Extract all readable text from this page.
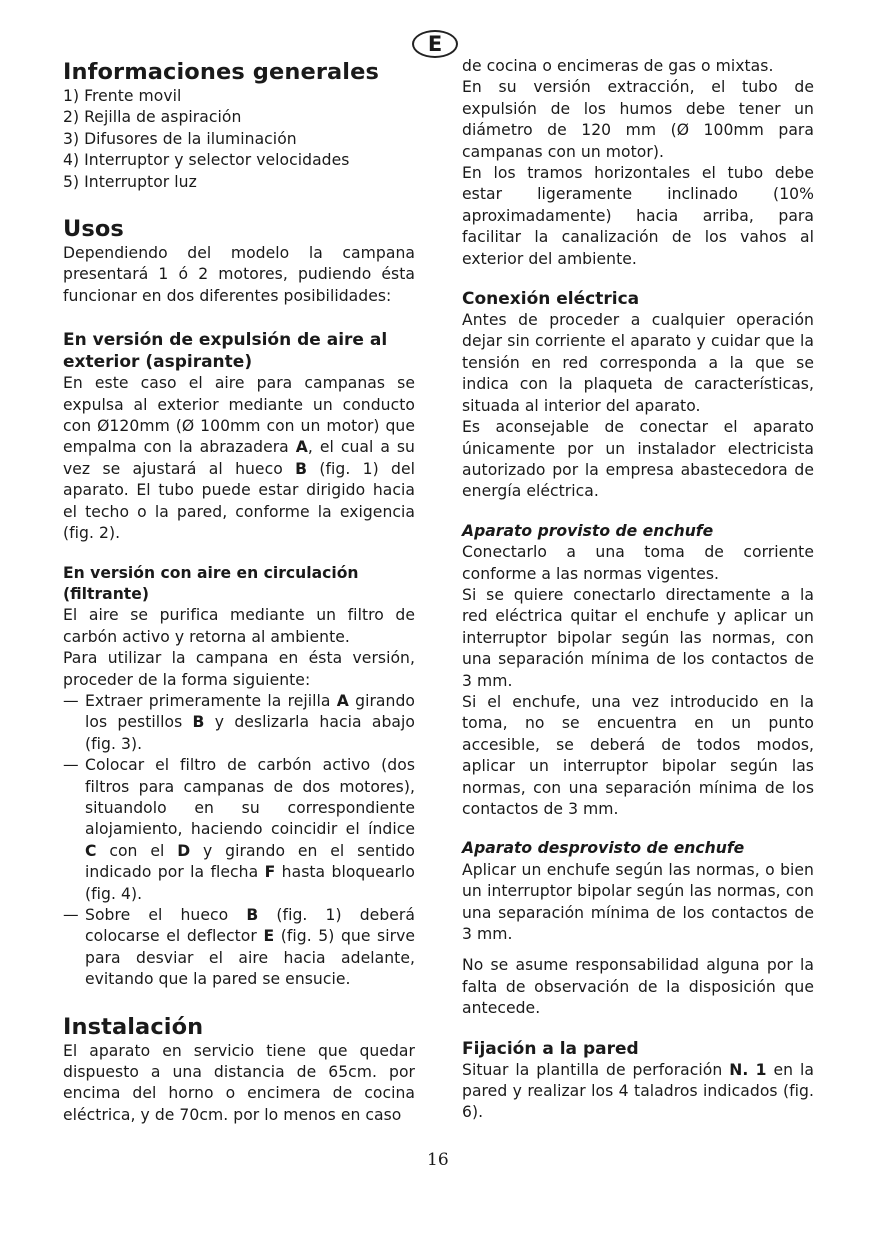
E
Informaciones generales
1) Frente movil
2) Rejilla de aspiración
3) Difusores de la iluminación
4) Interruptor y selector velocidades
5) Interruptor luz
Usos

Dependiendo del modelo la campana presentará 1 ó 2 motores, pudiendo ésta funcionar en dos diferentes posibilidades:

En versión de expulsión de aire al exterior (aspirante)

En este caso el aire para campanas se expulsa al exterior mediante un conducto con Ø120mm (Ø 100mm con un motor) que empalma con la abrazadera A, el cual a su vez se ajustará al hueco B (fig. 1) del aparato. El tubo puede estar dirigido hacia el techo o la pared, conforme la exigencia (fig. 2).

En versión con aire en circulación (filtrante)

El aire se purifica mediante un filtro de carbón activo y retorna al ambiente.

Para utilizar la campana en ésta versión, proceder de la forma siguiente:

— Extraer primeramente la rejilla A girando los pestillos B y deslizarla hacia abajo (fig. 3).
— Colocar el filtro de carbón activo (dos filtros para campanas de dos motores), situandolo en su correspondiente alojamiento, haciendo coincidir el índice C con el D y girando en el sentido indicado por la flecha F hasta bloquearlo (fig. 4).
— Sobre el hueco B (fig. 1) deberá colocarse el deflector E (fig. 5) que sirve para desviar el aire hacia adelante, evitando que la pared se ensucie.
Instalación

El aparato en servicio tiene que quedar dispuesto a una distancia de 65cm. por encima del horno o encimera de cocina eléctrica, y de 70cm. por lo menos en caso

de cocina o encimeras de gas o mixtas.

En su versión extracción, el tubo de expulsión de los humos debe tener un diámetro de 120 mm (Ø 100mm para campanas con un motor).

En los tramos horizontales el tubo debe estar ligeramente inclinado (10% aproximadamente) hacia arriba, para facilitar la canalización de los vahos al exterior del ambiente.

Conexión eléctrica

Antes de proceder a cualquier operación dejar sin corriente el aparato y cuidar que la tensión en red corresponda a la que se indica con la plaqueta de características, situada al interior del aparato.

Es aconsejable de conectar el aparato únicamente por un instalador electricista autorizado por la empresa abastecedora de energía eléctrica.

Aparato provisto de enchufe

Conectarlo a una toma de corriente conforme a las normas vigentes.

Si se quiere conectarlo directamente a la red eléctrica quitar el enchufe y aplicar un interruptor bipolar según las normas, con una separación mínima de los contactos de 3 mm.

Si el enchufe, una vez introducido en la toma, no se encuentra en un punto accesible, se deberá de todos modos, aplicar un interruptor bipolar según las normas, con una separación mínima de los contactos de 3 mm.

Aparato desprovisto de enchufe

Aplicar un enchufe según las normas, o bien un interruptor bipolar según las normas, con una separación mínima de los contactos de 3 mm.

No se asume responsabilidad alguna por la falta de observación de la disposición que antecede.

Fijación a la pared

Situar la plantilla de perforación N. 1 en la pared y realizar los 4 taladros indicados (fig. 6).

16
